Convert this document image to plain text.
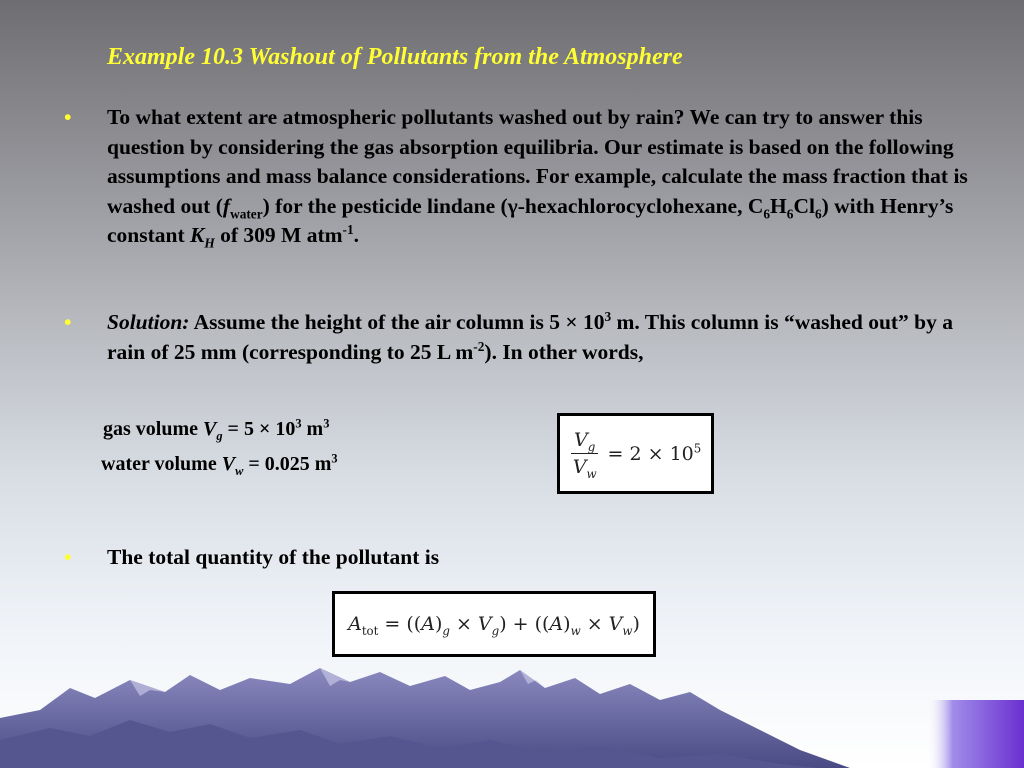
Example 10.3 Washout of Pollutants from the Atmosphere
• To what extent are atmospheric pollutants washed out by rain? We can try to answer this question by considering the gas absorption equilibria. Our estimate is based on the following assumptions and mass balance considerations. For example, calculate the mass fraction that is washed out $(f_{water})$ for the pesticide lindane (γ-hexachlorocyclohexane, $C_6H_6Cl_6$) with Henry’s constant $K_H$ of 309 M atm$^{-1}$.
• Solution: Assume the height of the air column is $5 \times 10^3$ m. This column is “washed out” by a rain of 25 mm (corresponding to 25 L $m^{-2}$). In other words,
gas volume $V_g = 5 \times 10^3$ $m^3$
water volume $V_w = 0.025$ $m^3$	$\frac{V_g}{V_w} = 2 \times 10^5$
• The total quantity of the pollutant is
$A_{tot} = ((A)_g \times V_g) + ((A)_w \times V_w)$
